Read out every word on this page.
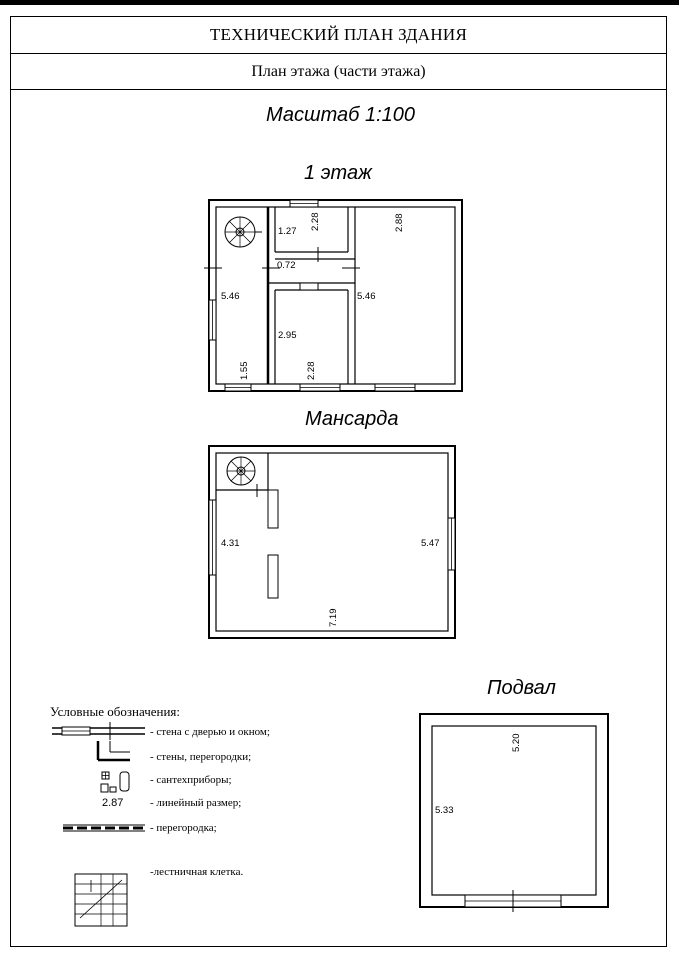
ТЕХНИЧЕСКИЙ ПЛАН ЗДАНИЯ
План этажа (части этажа)
Масштаб 1:100
1 этаж
Мансарда
Подвал
1.27
2.28	2.88
0.72
5.46	5.46
2.95
1.55	2.28
4.31	5.47
7.19
5.20
5.33
Условные обозначения:
- стена с дверью и окном;
- стены, перегородки;
- сантехприборы;
- линейный размер;
- перегородка;
-лестничная клетка.
2.87
